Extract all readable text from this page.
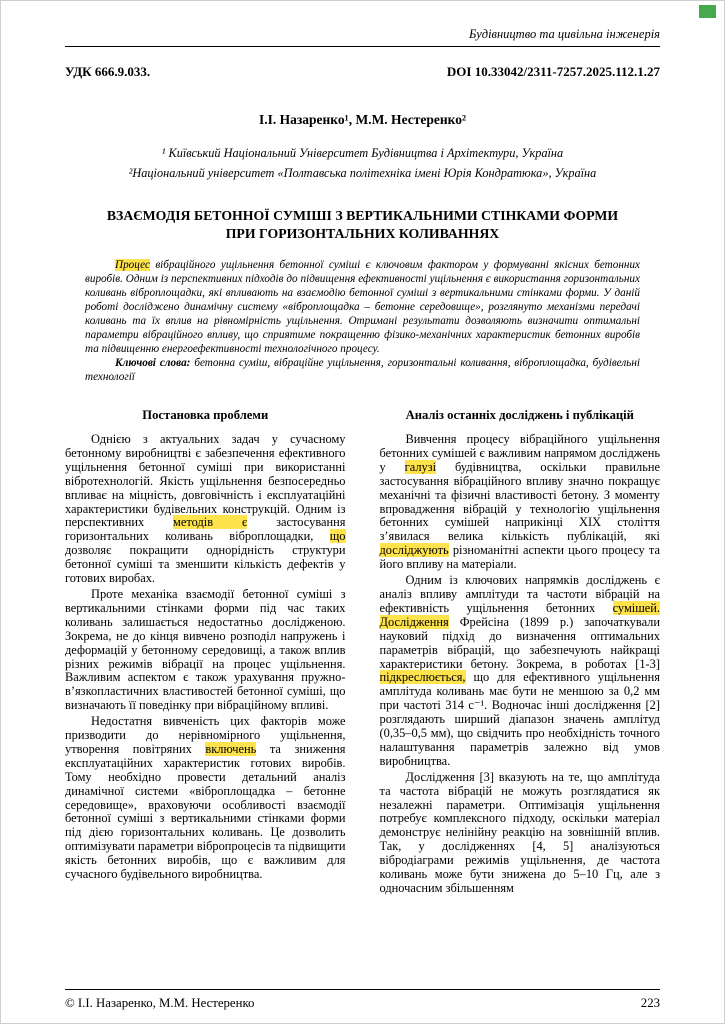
Будівництво та цивільна інженерія
УДК 666.9.033.	DOI 10.33042/2311-7257.2025.112.1.27
І.І. Назаренко¹, М.М. Нестеренко²
¹ Київський Національний Університет Будівництва і Архітектури, Україна
²Національний університет «Полтавська політехніка імені Юрія Кондратюка», Україна
ВЗАЄМОДІЯ БЕТОННОЇ СУМІШІ З ВЕРТИКАЛЬНИМИ СТІНКАМИ ФОРМИ ПРИ ГОРИЗОНТАЛЬНИХ КОЛИВАННЯХ

Процес вібраційного ущільнення бетонної суміші є ключовим фактором у формуванні якісних бетонних виробів. Одним із перспективних підходів до підвищення ефективності ущільнення є використання горизонтальних коливань віброплощадки, які впливають на взаємодію бетонної суміші з вертикальними стінками форми. У даній роботі досліджено динамічну систему «віброплощадка – бетонне середовище», розглянуто механізми передачі коливань та їх вплив на рівномірність ущільнення. Отримані результати дозволяють визначити оптимальні параметри вібраційного впливу, що сприятиме покращенню фізико-механічних характеристик бетонних виробів та підвищенню енергоефективності технологічного процесу.

Ключові слова: бетонна суміш, вібраційне ущільнення, горизонтальні коливання, віброплощадка, будівельні технології

Постановка проблеми

Однією з актуальних задач у сучасному бетонному виробництві є забезпечення ефективного ущільнення бетонної суміші при використанні вібротехнологій. Якість ущільнення безпосередньо впливає на міцність, довговічність і експлуатаційні характеристики будівельних конструкцій. Одним із перспективних методів є застосування горизонтальних коливань віброплощадки, що дозволяє покращити однорідність структури бетонної суміші та зменшити кількість дефектів у готових виробах.

Проте механіка взаємодії бетонної суміші з вертикальними стінками форми під час таких коливань залишається недостатньо дослідженою. Зокрема, не до кінця вивчено розподіл напружень і деформацій у бетонному середовищі, а також вплив різних режимів вібрації на процес ущільнення. Важливим аспектом є також урахування пружно-в’язкопластичних властивостей бетонної суміші, що визначають її поведінку при вібраційному впливі.

Недостатня вивченість цих факторів може призводити до нерівномірного ущільнення, утворення повітряних включень та зниження експлуатаційних характеристик готових виробів. Тому необхідно провести детальний аналіз динамічної системи «віброплощадка – бетонне середовище», враховуючи особливості взаємодії бетонної суміші з вертикальними стінками форми під дією горизонтальних коливань. Це дозволить оптимізувати параметри вібропроцесів та підвищити якість бетонних виробів, що є важливим для сучасного будівельного виробництва.

Аналіз останніх досліджень і публікацій

Вивчення процесу вібраційного ущільнення бетонних сумішей є важливим напрямом досліджень у галузі будівництва, оскільки правильне застосування вібраційного впливу значно покращує механічні та фізичні властивості бетону. З моменту впровадження вібрацій у технологію ущільнення бетонних сумішей наприкінці XIX століття з’явилася велика кількість публікацій, які досліджують різноманітні аспекти цього процесу та його впливу на матеріали.

Одним із ключових напрямків досліджень є аналіз впливу амплітуди та частоти вібрацій на ефективність ущільнення бетонних сумішей. Дослідження Фрейсіна (1899 р.) започаткували науковий підхід до визначення оптимальних параметрів вібрацій, що забезпечують найкращі характеристики бетону. Зокрема, в роботах [1-3] підкреслюється, що для ефективного ущільнення амплітуда коливань має бути не меншою за 0,2 мм при частоті 314 с⁻¹. Водночас інші дослідження [2] розглядають ширший діапазон значень амплітуд (0,35–0,5 мм), що свідчить про необхідність точного налаштування параметрів залежно від умов виробництва.

Дослідження [3] вказують на те, що амплітуда та частота вібрацій не можуть розглядатися як незалежні параметри. Оптимізація ущільнення потребує комплексного підходу, оскільки матеріал демонструє нелінійну реакцію на зовнішній вплив. Так, у дослідженнях [4, 5] аналізуються вібродіаграми режимів ущільнення, де частота коливань може бути знижена до 5–10 Гц, але з одночасним збільшенням

© І.І. Назаренко, М.М. Нестеренко	223
